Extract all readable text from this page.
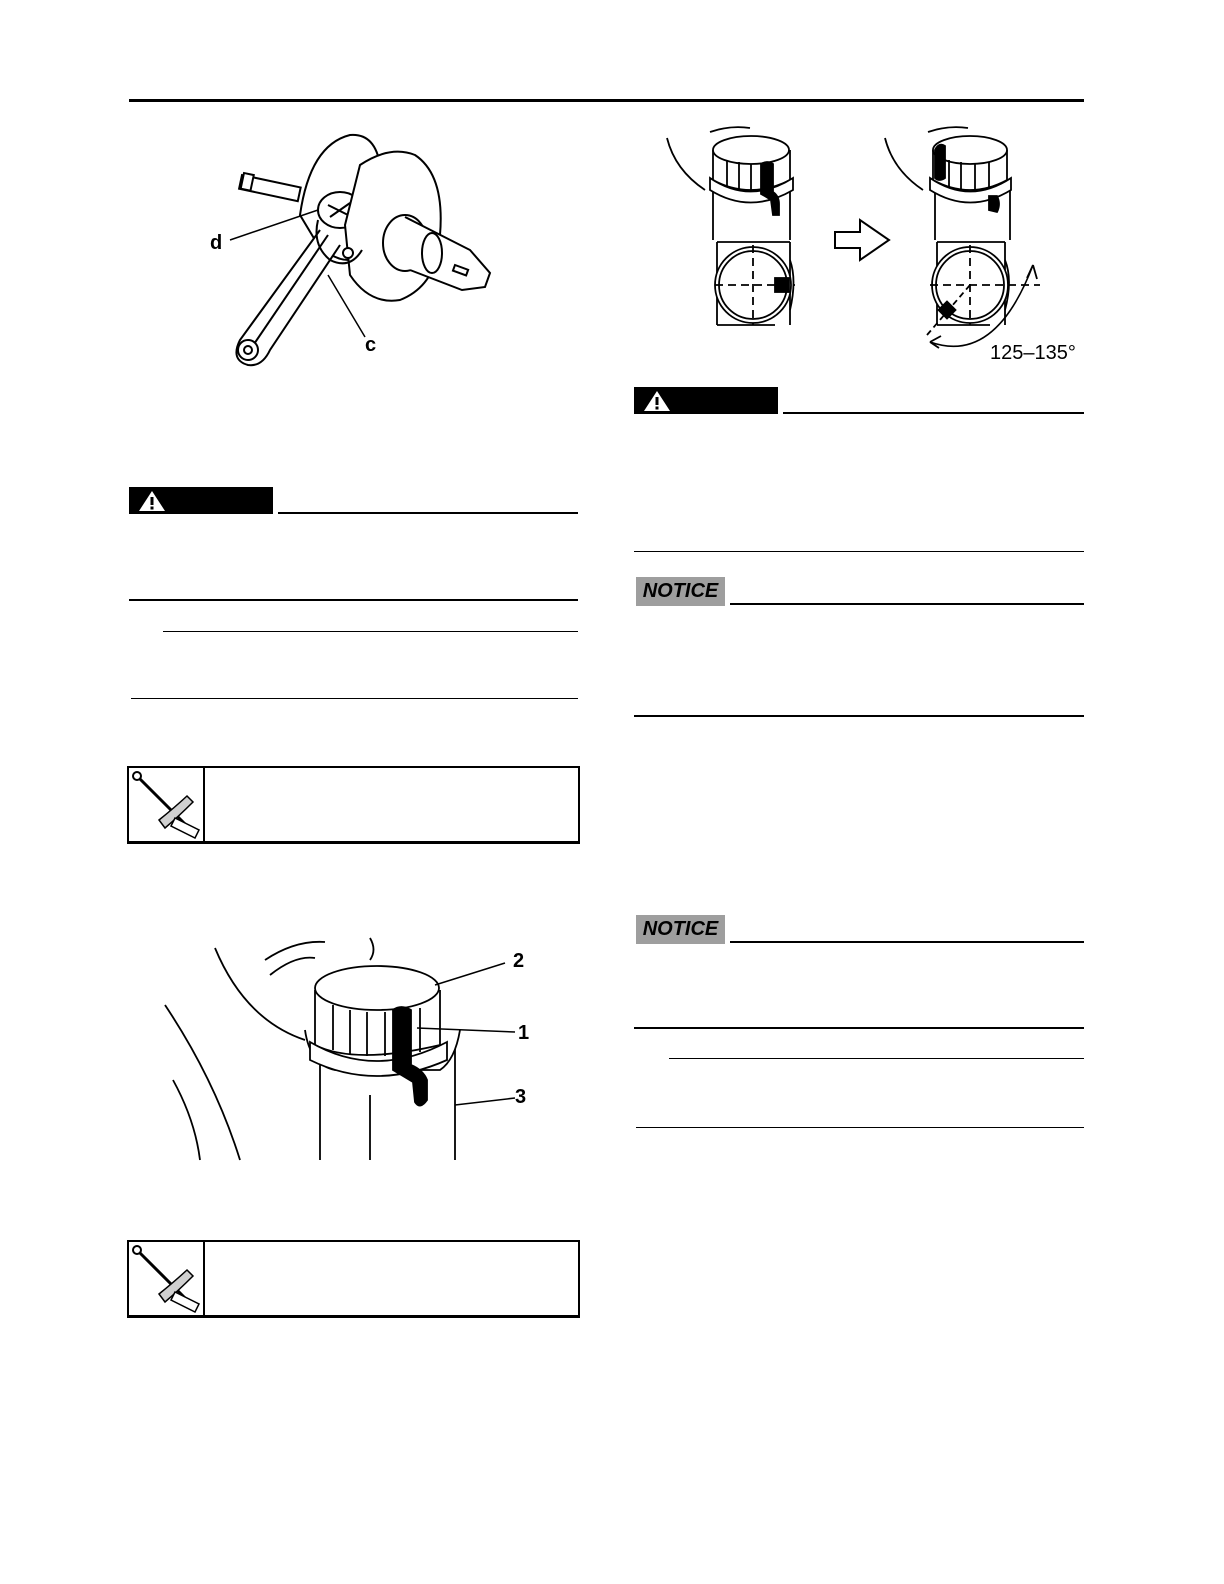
d
c
2
1
3
125–135°
NOTICE
NOTICE
